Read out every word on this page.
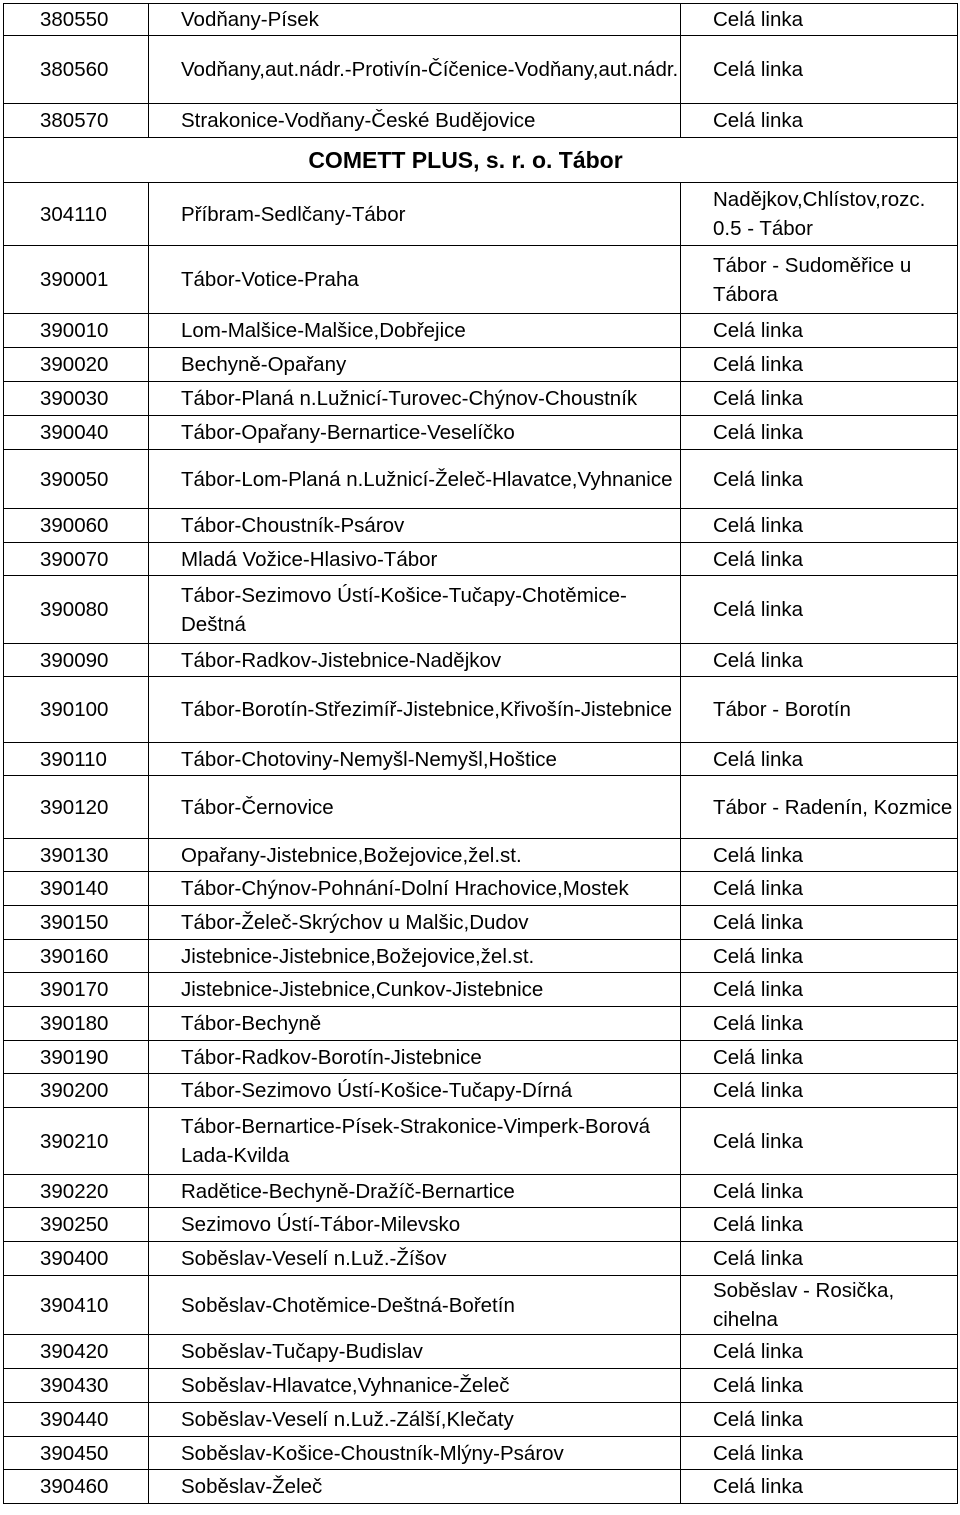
380550	Vodňany-Písek	Celá linka
380560	Vodňany,aut.nádr.-Protivín-Číčenice-Vodňany,aut.nádr.	Celá linka
380570	Strakonice-Vodňany-České Budějovice	Celá linka
COMETT PLUS, s. r. o. Tábor		
304110	Příbram-Sedlčany-Tábor	Nadějkov,Chlístov,rozc. 0.5 - Tábor
390001	Tábor-Votice-Praha	Tábor - Sudoměřice u Tábora
390010	Lom-Malšice-Malšice,Dobřejice	Celá linka
390020	Bechyně-Opařany	Celá linka
390030	Tábor-Planá n.Lužnicí-Turovec-Chýnov-Choustník	Celá linka
390040	Tábor-Opařany-Bernartice-Veselíčko	Celá linka
390050	Tábor-Lom-Planá n.Lužnicí-Želeč-Hlavatce,Vyhnanice	Celá linka
390060	Tábor-Choustník-Psárov	Celá linka
390070	Mladá Vožice-Hlasivo-Tábor	Celá linka
390080	Tábor-Sezimovo Ústí-Košice-Tučapy-Chotěmice-Deštná	Celá linka
390090	Tábor-Radkov-Jistebnice-Nadějkov	Celá linka
390100	Tábor-Borotín-Střezimíř-Jistebnice,Křivošín-Jistebnice	Tábor - Borotín
390110	Tábor-Chotoviny-Nemyšl-Nemyšl,Hoštice	Celá linka
390120	Tábor-Černovice	Tábor - Radenín, Kozmice
390130	Opařany-Jistebnice,Božejovice,žel.st.	Celá linka
390140	Tábor-Chýnov-Pohnání-Dolní Hrachovice,Mostek	Celá linka
390150	Tábor-Želeč-Skrýchov u Malšic,Dudov	Celá linka
390160	Jistebnice-Jistebnice,Božejovice,žel.st.	Celá linka
390170	Jistebnice-Jistebnice,Cunkov-Jistebnice	Celá linka
390180	Tábor-Bechyně	Celá linka
390190	Tábor-Radkov-Borotín-Jistebnice	Celá linka
390200	Tábor-Sezimovo Ústí-Košice-Tučapy-Dírná	Celá linka
390210	Tábor-Bernartice-Písek-Strakonice-Vimperk-Borová Lada-Kvilda	Celá linka
390220	Radětice-Bechyně-Dražíč-Bernartice	Celá linka
390250	Sezimovo Ústí-Tábor-Milevsko	Celá linka
390400	Soběslav-Veselí n.Luž.-Žíšov	Celá linka
390410	Soběslav-Chotěmice-Deštná-Bořetín	Soběslav - Rosička, cihelna
390420	Soběslav-Tučapy-Budislav	Celá linka
390430	Soběslav-Hlavatce,Vyhnanice-Želeč	Celá linka
390440	Soběslav-Veselí n.Luž.-Zálší,Klečaty	Celá linka
390450	Soběslav-Košice-Choustník-Mlýny-Psárov	Celá linka
390460	Soběslav-Želeč	Celá linka
